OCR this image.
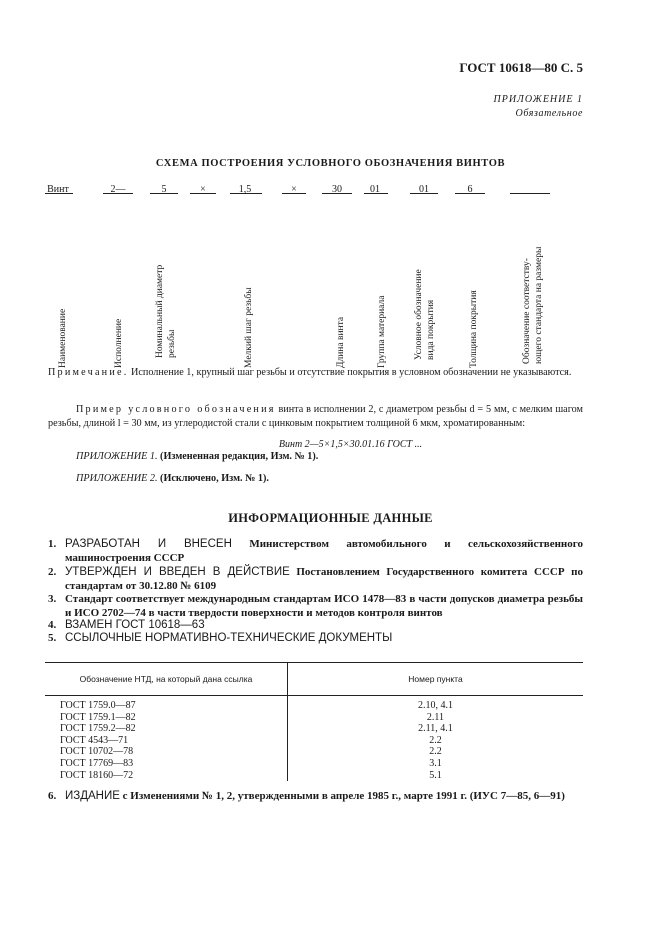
ГОСТ 10618—80 С. 5
ПРИЛОЖЕНИЕ 1
Обязательное
СХЕМА ПОСТРОЕНИЯ УСЛОВНОГО ОБОЗНАЧЕНИЯ ВИНТОВ
Винт	2—	5	×	1,5	×	30	01	01	6
Наименование	Исполнение	Номинальный диаметр
резьбы	Мелкий шаг резьбы	Длина винта	Группа материала	Условное обозначение
вида покрытия	Толщина покрытия	Обозначение соответству-
ющего стандарта на размеры

Примечание. Исполнение 1, крупный шаг резьбы и отсутствие покрытия в условном обозначении не указываются.

Пример условного обозначения винта в исполнении 2, с диаметром резьбы d = 5 мм, с мелким шагом резьбы, длиной l = 30 мм, из углеродистой стали с цинковым покрытием толщиной 6 мкм, хроматированным:

Винт 2—5×1,5×30.01.16 ГОСТ ...
ПРИЛОЖЕНИЕ 1. (Измененная редакция, Изм. № 1).
ПРИЛОЖЕНИЕ 2. (Исключено, Изм. № 1).
ИНФОРМАЦИОННЫЕ ДАННЫЕ
1. РАЗРАБОТАН И ВНЕСЕН Министерством автомобильного и сельскохозяйственного машиностроения СССР
2. УТВЕРЖДЕН И ВВЕДЕН В ДЕЙСТВИЕ Постановлением Государственного комитета СССР по стандартам от 30.12.80 № 6109
3. Стандарт соответствует международным стандартам ИСО 1478—83 в части допусков диаметра резьбы и ИСО 2702—74 в части твердости поверхности и методов контроля винтов
4. ВЗАМЕН ГОСТ 10618—63
5. ССЫЛОЧНЫЕ НОРМАТИВНО-ТЕХНИЧЕСКИЕ ДОКУМЕНТЫ
Обозначение НТД, на который дана ссылка	Номер пункта
ГОСТ 1759.0—87	2.10, 4.1
ГОСТ 1759.1—82	2.11
ГОСТ 1759.2—82	2.11, 4.1
ГОСТ 4543—71	2.2
ГОСТ 10702—78	2.2
ГОСТ 17769—83	3.1
ГОСТ 18160—72	5.1
6. ИЗДАНИЕ с Изменениями № 1, 2, утвержденными в апреле 1985 г., марте 1991 г. (ИУС 7—85, 6—91)
